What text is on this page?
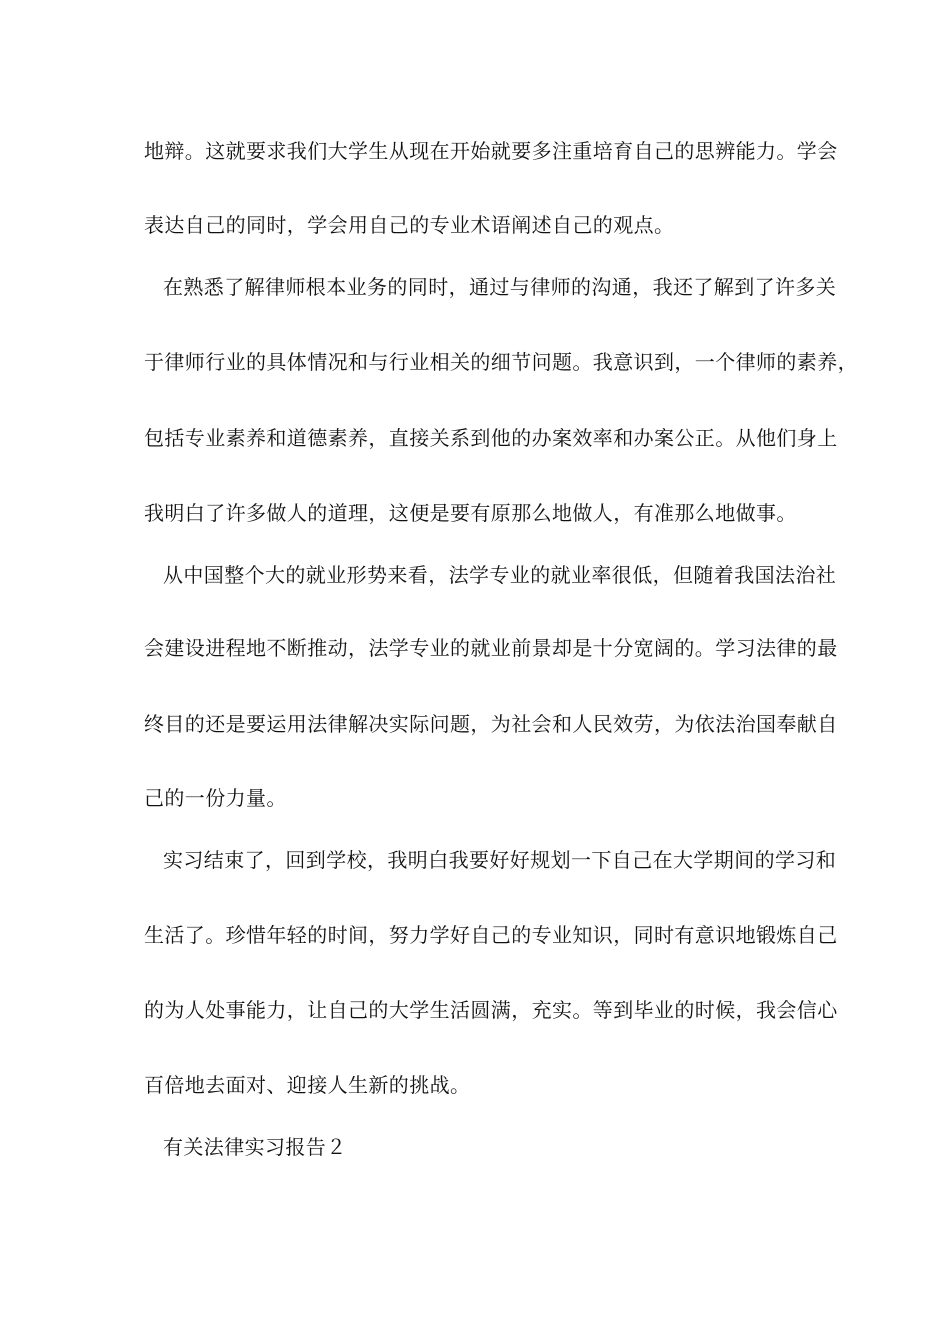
地辩。这就要求我们大学生从现在开始就要多注重培育自己的思辨能力。学会
表达自己的同时，学会用自己的专业术语阐述自己的观点。
在熟悉了解律师根本业务的同时，通过与律师的沟通，我还了解到了许多关
于律师行业的具体情况和与行业相关的细节问题。我意识到，一个律师的素养，
包括专业素养和道德素养，直接关系到他的办案效率和办案公正。从他们身上
我明白了许多做人的道理，这便是要有原那么地做人，有准那么地做事。
从中国整个大的就业形势来看，法学专业的就业率很低，但随着我国法治社
会建设进程地不断推动，法学专业的就业前景却是十分宽阔的。学习法律的最
终目的还是要运用法律解决实际问题，为社会和人民效劳，为依法治国奉献自
己的一份力量。
实习结束了，回到学校，我明白我要好好规划一下自己在大学期间的学习和
生活了。珍惜年轻的时间，努力学好自己的专业知识，同时有意识地锻炼自己
的为人处事能力，让自己的大学生活圆满，充实。等到毕业的时候，我会信心
百倍地去面对、迎接人生新的挑战。
有关法律实习报告２
